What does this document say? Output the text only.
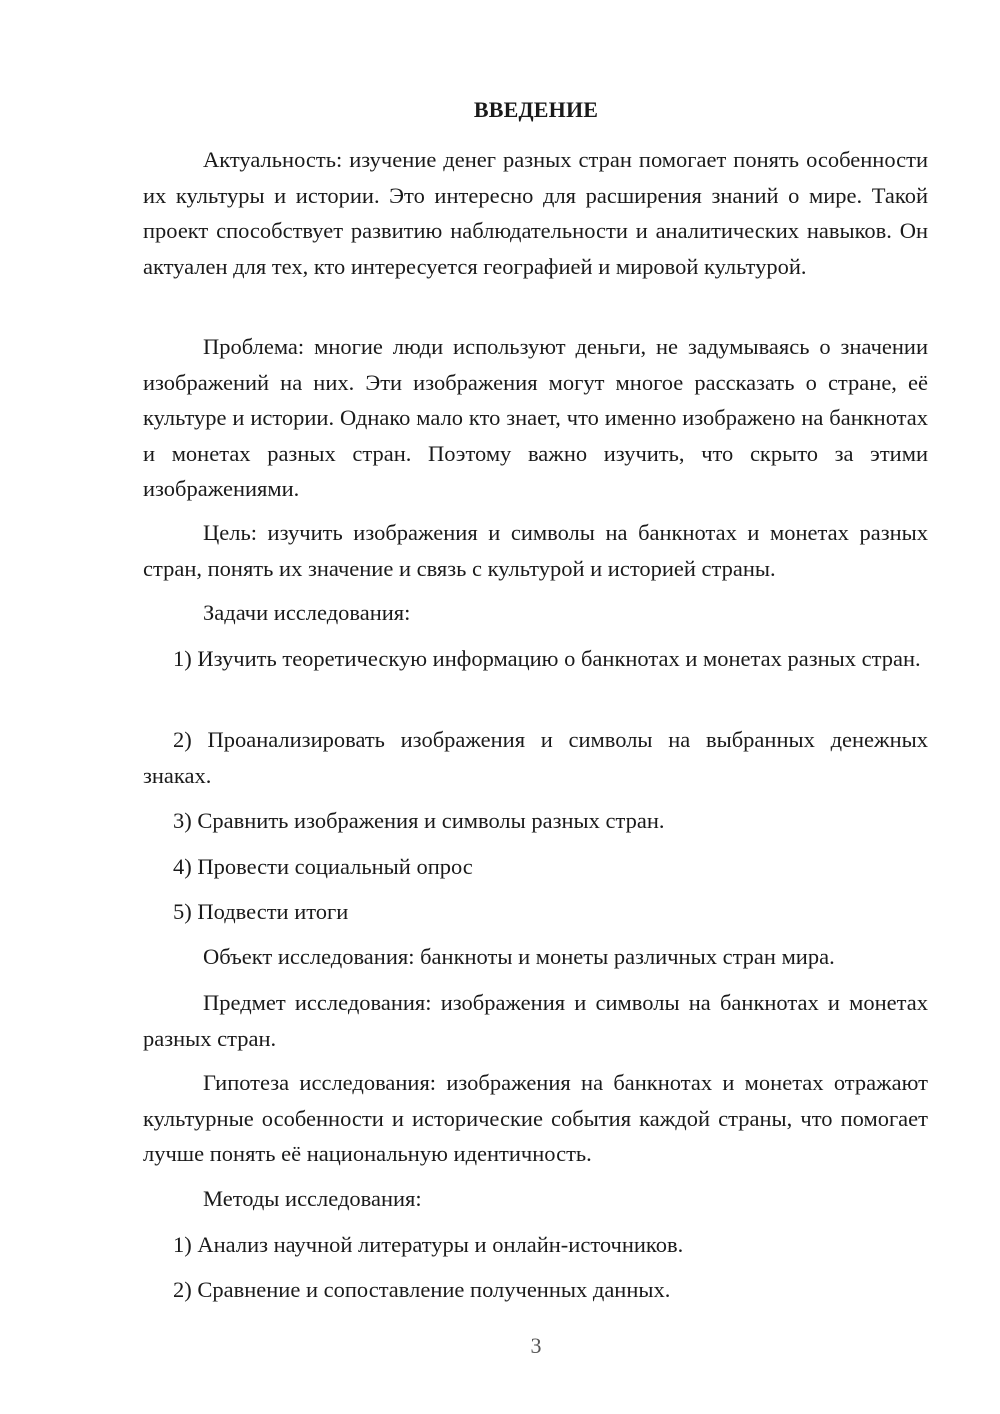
ВВЕДЕНИЕ

Актуальность: изучение денег разных стран помогает понять особенности их культуры и истории. Это интересно для расширения знаний о мире. Такой проект способствует развитию наблюдательности и аналитических навыков. Он актуален для тех, кто интересуется географией и мировой культурой.

Проблема: многие люди используют деньги, не задумываясь о значении изображений на них. Эти изображения могут многое рассказать о стране, её культуре и истории. Однако мало кто знает, что именно изображено на банкнотах и монетах разных стран. Поэтому важно изучить, что скрыто за этими изображениями.

Цель: изучить изображения и символы на банкнотах и монетах разных стран, понять их значение и связь с культурой и историей страны.

Задачи исследования:

1) Изучить теоретическую информацию о банкнотах и монетах разных стран.

2) Проанализировать изображения и символы на выбранных денежных знаках.

3) Сравнить изображения и символы разных стран.

4) Провести социальный опрос

5) Подвести итоги

Объект исследования: банкноты и монеты различных стран мира.

Предмет исследования: изображения и символы на банкнотах и монетах разных стран.

Гипотеза исследования: изображения на банкнотах и монетах отражают культурные особенности и исторические события каждой страны, что помогает лучше понять её национальную идентичность.

Методы исследования:

1) Анализ научной литературы и онлайн-источников.

2) Сравнение и сопоставление полученных данных.

3
